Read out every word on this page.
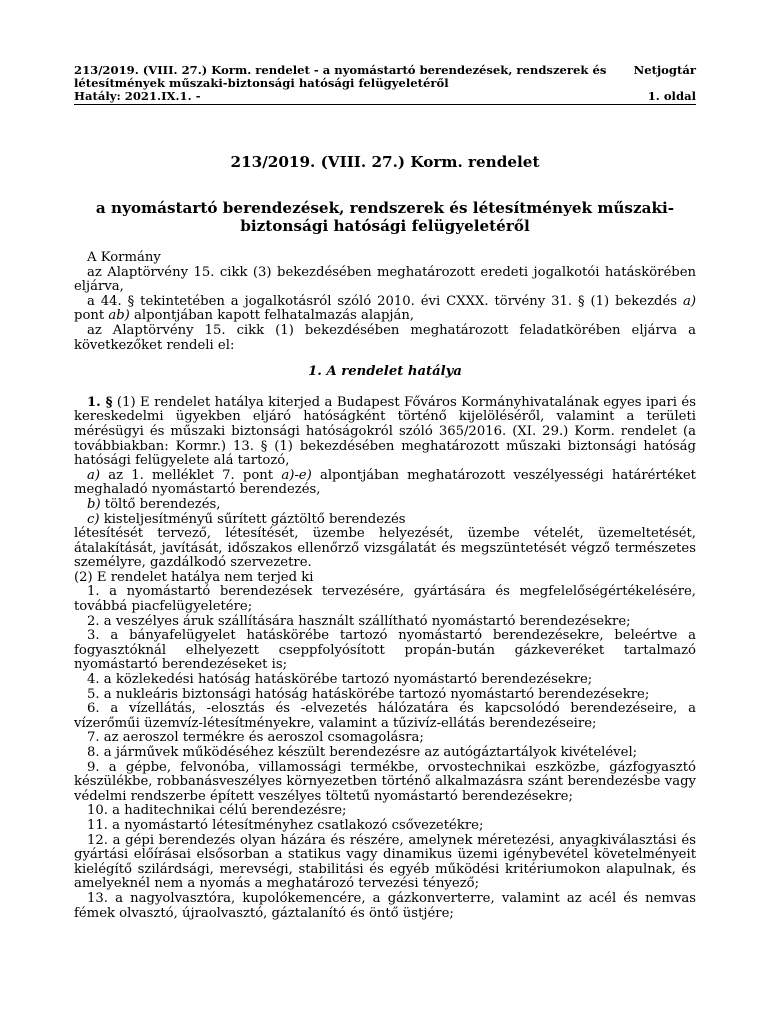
213/2019. (VIII. 27.) Korm. rendelet - a nyomástartó berendezések, rendszerek és
létesítmények műszaki-biztonsági hatósági felügyeletéről
Netjogtár
Hatály: 2021.IX.1. -	1. oldal
213/2019. (VIII. 27.) Korm. rendelet
a nyomástartó berendezések, rendszerek és létesítmények műszaki-biztonsági hatósági felügyeletéről
A Kormány
az Alaptörvény 15. cikk (3) bekezdésében meghatározott eredeti jogalkotói hatáskörében eljárva,
a 44. § tekintetében a jogalkotásról szóló 2010. évi CXXX. törvény 31. § (1) bekezdés a) pont ab) alpontjában kapott felhatalmazás alapján,
az Alaptörvény 15. cikk (1) bekezdésében meghatározott feladatkörében eljárva a következőket rendeli el:
1. A rendelet hatálya
1. § (1) E rendelet hatálya kiterjed a Budapest Főváros Kormányhivatalának egyes ipari és kereskedelmi ügyekben eljáró hatóságként történő kijelöléséről, valamint a területi mérésügyi és műszaki biztonsági hatóságokról szóló 365/2016. (XI. 29.) Korm. rendelet (a továbbiakban: Kormr.) 13. § (1) bekezdésében meghatározott műszaki biztonsági hatóság hatósági felügyelete alá tartozó,
a) az 1. melléklet 7. pont a)-e) alpontjában meghatározott veszélyességi határértéket meghaladó nyomástartó berendezés,
b) töltő berendezés,
c) kisteljesítményű sűrített gáztöltő berendezés
létesítését tervező, létesítését, üzembe helyezését, üzembe vételét, üzemeltetését, átalakítását, javítását, időszakos ellenőrző vizsgálatát és megszüntetését végző természetes személyre, gazdálkodó szervezetre.
(2) E rendelet hatálya nem terjed ki
1. a nyomástartó berendezések tervezésére, gyártására és megfelelőségértékelésére, továbbá piacfelügyeletére;
2. a veszélyes áruk szállítására használt szállítható nyomástartó berendezésekre;
3. a bányafelügyelet hatáskörébe tartozó nyomástartó berendezésekre, beleértve a fogyasztóknál elhelyezett cseppfolyósított propán-bután gázkeveréket tartalmazó nyomástartó berendezéseket is;
4. a közlekedési hatóság hatáskörébe tartozó nyomástartó berendezésekre;
5. a nukleáris biztonsági hatóság hatáskörébe tartozó nyomástartó berendezésekre;
6. a vízellátás, -elosztás és -elvezetés hálózatára és kapcsolódó berendezéseire, a vízerőműi üzemvíz-létesítményekre, valamint a tűzivíz-ellátás berendezéseire;
7. az aeroszol termékre és aeroszol csomagolásra;
8. a járművek működéséhez készült berendezésre az autógáztartályok kivételével;
9. a gépbe, felvonóba, villamossági termékbe, orvostechnikai eszközbe, gázfogyasztó készülékbe, robbanásveszélyes környezetben történő alkalmazásra szánt berendezésbe vagy védelmi rendszerbe épített veszélyes töltetű nyomástartó berendezésekre;
10. a haditechnikai célú berendezésre;
11. a nyomástartó létesítményhez csatlakozó csővezetékre;
12. a gépi berendezés olyan házára és részére, amelynek méretezési, anyagkiválasztási és gyártási előírásai elsősorban a statikus vagy dinamikus üzemi igénybevétel követelményeit kielégítő szilárdsági, merevségi, stabilitási és egyéb működési kritériumokon alapulnak, és amelyeknél nem a nyomás a meghatározó tervezési tényező;
13. a nagyolvasztóra, kupolókemencére, a gázkonverterre, valamint az acél és nemvas fémek olvasztó, újraolvasztó, gáztalanító és öntő üstjére;
